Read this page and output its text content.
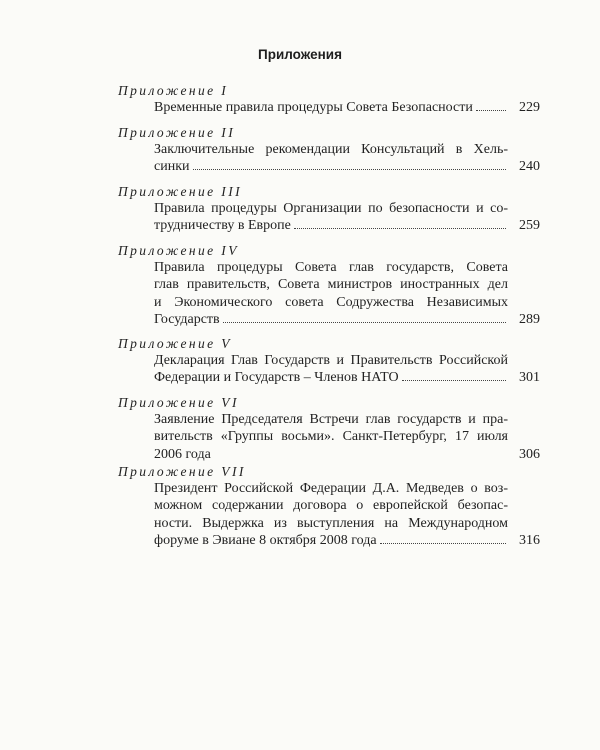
Приложения
Приложение I
Временные правила процедуры Совета Безопасности	229
Приложение II
Заключительные рекомендации Консультаций в Хель-
синки	240
Приложение III
Правила процедуры Организации по безопасности и со-
трудничеству в Европе	259
Приложение IV
Правила процедуры Совета глав государств, Совета
глав правительств, Совета министров иностранных дел
и Экономического совета Содружества Независимых
Государств	289
Приложение V
Декларация Глав Государств и Правительств Российской
Федерации и Государств – Членов НАТО	301
Приложение VI
Заявление Председателя Встречи глав государств и пра-
вительств «Группы восьми». Санкт-Петербург, 17 июля
2006 года	306
Приложение VII
Президент Российской Федерации Д.А. Медведев о воз-
можном содержании договора о европейской безопас-
ности. Выдержка из выступления на Международном
форуме в Эвиане 8 октября 2008 года	316
